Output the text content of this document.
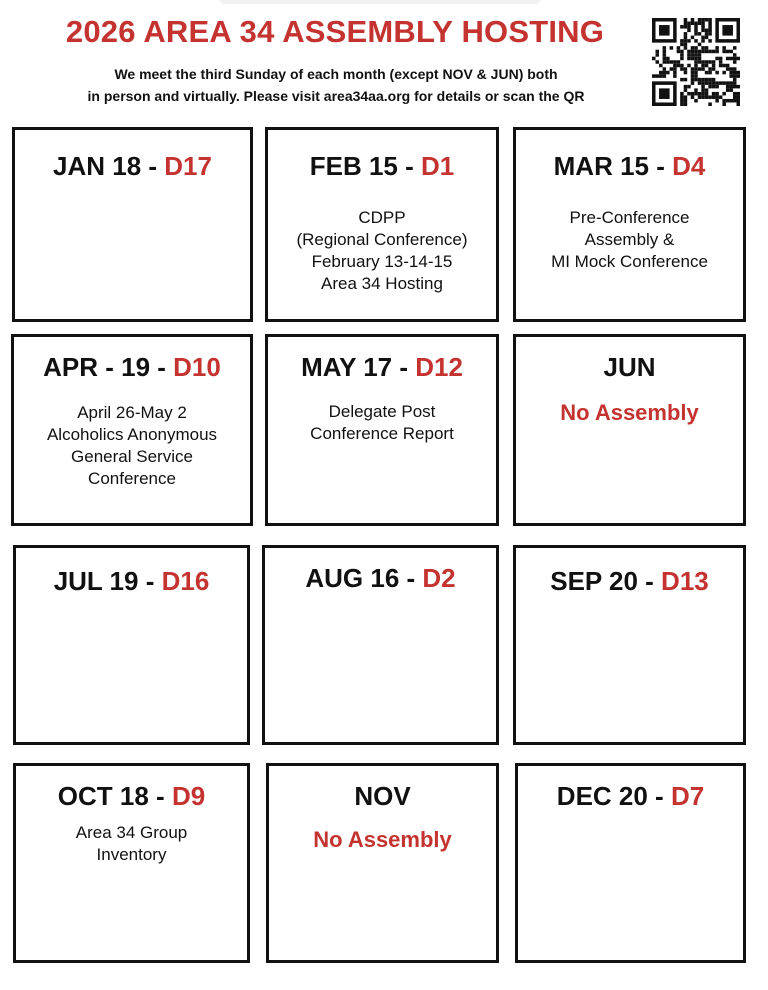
2026 AREA 34 ASSEMBLY HOSTING
We meet the third Sunday of each month (except NOV & JUN) both
in person and virtually. Please visit area34aa.org for details or scan the QR
JAN 18 - D17	FEB 15 - D1
CDPP
(Regional Conference)
February 13-14-15
Area 34 Hosting
MAR 15 - D4
Pre-Conference
Assembly &
MI Mock Conference
APR - 19 - D10
April 26-May 2
Alcoholics Anonymous
General Service
Conference
MAY 17 - D12
Delegate Post
Conference Report
JUN
No Assembly
JUL 19 - D16	AUG 16 - D2	SEP 20 - D13
OCT 18 - D9
Area 34 Group
Inventory
NOV
No Assembly
DEC 20 - D7
